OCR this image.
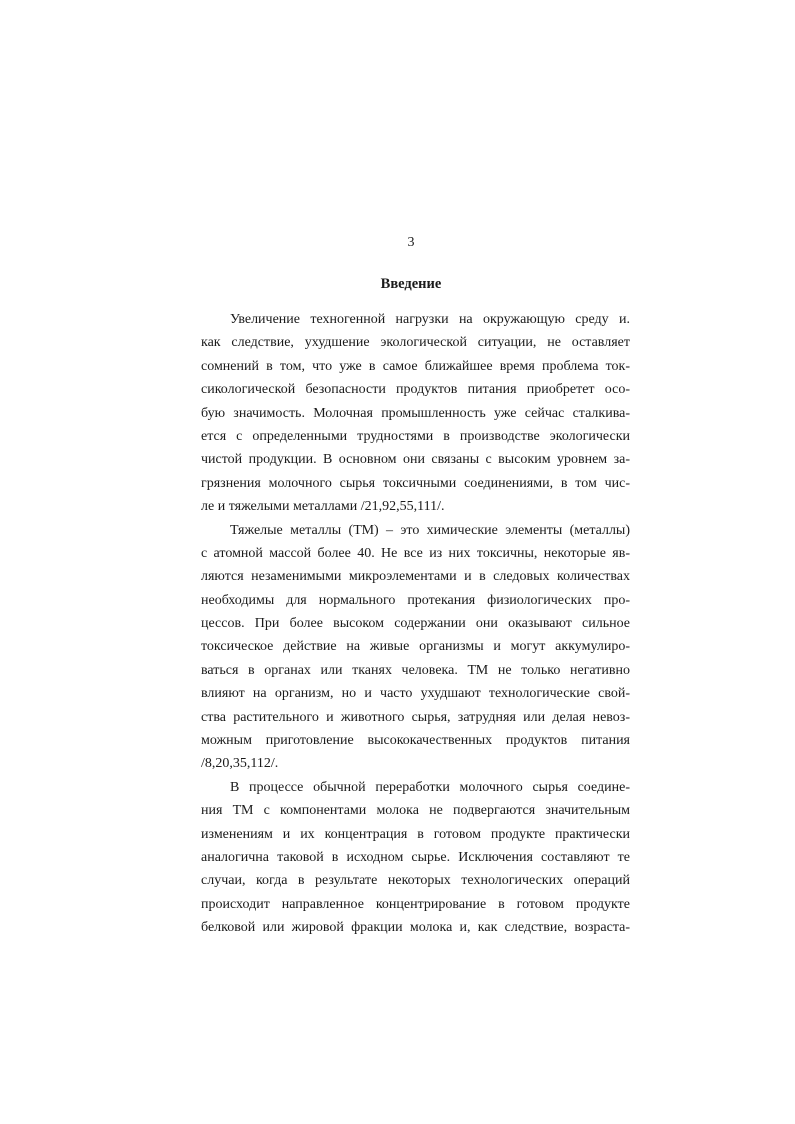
3
Введение
Увеличение техногенной нагрузки на окружающую среду и.
как следствие, ухудшение экологической ситуации, не оставляет
сомнений в том, что уже в самое ближайшее время проблема ток-
сикологической безопасности продуктов питания приобретет осо-
бую значимость. Молочная промышленность уже сейчас сталкива-
ется с определенными трудностями в производстве экологически
чистой продукции. В основном они связаны с высоким уровнем за-
грязнения молочного сырья токсичными соединениями, в том чис-
ле и тяжелыми металлами /21,92,55,111/.
Тяжелые металлы (ТМ) – это химические элементы (металлы)
с атомной массой более 40. Не все из них токсичны, некоторые яв-
ляются незаменимыми микроэлементами и в следовых количествах
необходимы для нормального протекания физиологических про-
цессов. При более высоком содержании они оказывают сильное
токсическое действие на живые организмы и могут аккумулиро-
ваться в органах или тканях человека. ТМ не только негативно
влияют на организм, но и часто ухудшают технологические свой-
ства растительного и животного сырья, затрудняя или делая невоз-
можным приготовление высококачественных продуктов питания
/8,20,35,112/.
В процессе обычной переработки молочного сырья соедине-
ния ТМ с компонентами молока не подвергаются значительным
изменениям и их концентрация в готовом продукте практически
аналогична таковой в исходном сырье. Исключения составляют те
случаи, когда в результате некоторых технологических операций
происходит направленное концентрирование в готовом продукте
белковой или жировой фракции молока и, как следствие, возраста-
